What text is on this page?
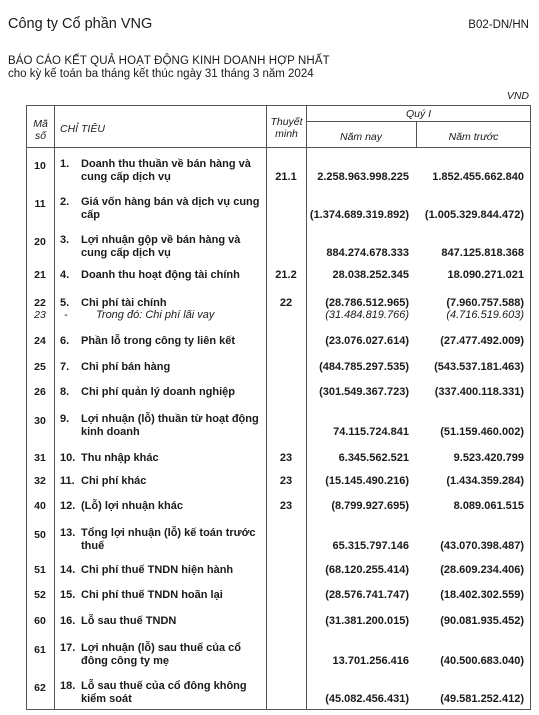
Công ty Cổ phần VNG	B02-DN/HN
BÁO CÁO KẾT QUẢ HOẠT ĐỘNG KINH DOANH HỢP NHẤT
cho kỳ kế toán ba tháng kết thúc ngày 31 tháng 3 năm 2024
VND
Mã số
CHỈ TIÊU
Thuyết minh
Quý I
Năm nay	Năm trước
10	1. Doanh thu thuần về bán hàng và cung cấp dịch vụ	21.1	2.258.963.998.225 1.852.455.662.840
11	2. Giá vốn hàng bán và dịch vụ cung cấp	(1.374.689.319.892) (1.005.329.844.472)
20	3. Lợi nhuận gộp về bán hàng và cung cấp dịch vụ	884.274.678.333	847.125.818.368
21	4. Doanh thu hoạt động tài chính	21.2	28.038.252.345	18.090.271.021
22	5. Chi phí tài chính	22	(28.786.512.965)	(7.960.757.588)
23	-	Trong đó: Chi phí lãi vay	(31.484.819.766)	(4.716.519.603)
24	6. Phần lỗ trong công ty liên kết	(23.076.027.614)	(27.477.492.009)
25	7. Chi phí bán hàng	(484.785.297.535) (543.537.181.463)
26	8. Chi phí quản lý doanh nghiệp	(301.549.367.723) (337.400.118.331)
30	9. Lợi nhuận (lỗ) thuần từ hoạt động kinh doanh	74.115.724.841	(51.159.460.002)
31	10. Thu nhập khác	23	6.345.562.521	9.523.420.799
32	11. Chi phí khác	23	(15.145.490.216)	(1.434.359.284)
40	12. (Lỗ) lợi nhuận khác	23	(8.799.927.695)	8.089.061.515
50	13. Tổng lợi nhuận (lỗ) kế toán trước thuế	65.315.797.146	(43.070.398.487)
51	14. Chi phí thuế TNDN hiện hành	(68.120.255.414)	(28.609.234.406)
52	15. Chi phí thuế TNDN hoãn lại	(28.576.741.747)	(18.402.302.559)
60	16. Lỗ sau thuế TNDN	(31.381.200.015)	(90.081.935.452)
61	17. Lợi nhuận (lỗ) sau thuế của cổ đông công ty mẹ	13.701.256.416	(40.500.683.040)
62	18. Lỗ sau thuế của cổ đông không kiểm soát	(45.082.456.431)	(49.581.252.412)
